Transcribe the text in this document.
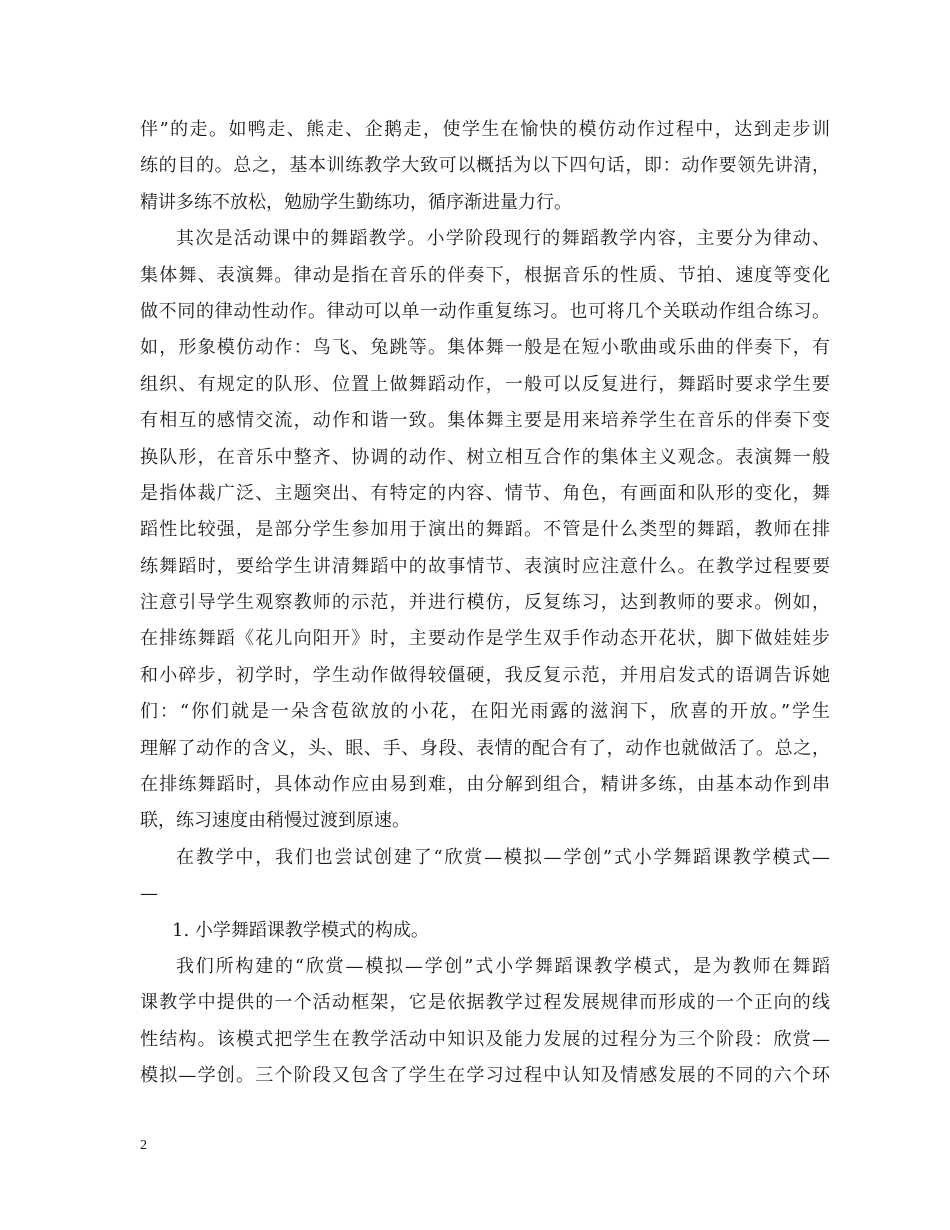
伴”的走。如鸭走、熊走、企鹅走，使学生在愉快的模仿动作过程中，达到走步训
练的目的。总之，基本训练教学大致可以概括为以下四句话，即：动作要领先讲清，
精讲多练不放松，勉励学生勤练功，循序渐进量力行。
其次是活动课中的舞蹈教学。小学阶段现行的舞蹈教学内容，主要分为律动、
集体舞、表演舞。律动是指在音乐的伴奏下，根据音乐的性质、节拍、速度等变化
做不同的律动性动作。律动可以单一动作重复练习。也可将几个关联动作组合练习。
如，形象模仿动作：鸟飞、兔跳等。集体舞一般是在短小歌曲或乐曲的伴奏下，有
组织、有规定的队形、位置上做舞蹈动作，一般可以反复进行，舞蹈时要求学生要
有相互的感情交流，动作和谐一致。集体舞主要是用来培养学生在音乐的伴奏下变
换队形，在音乐中整齐、协调的动作、树立相互合作的集体主义观念。表演舞一般
是指体裁广泛、主题突出、有特定的内容、情节、角色，有画面和队形的变化，舞
蹈性比较强，是部分学生参加用于演出的舞蹈。不管是什么类型的舞蹈，教师在排
练舞蹈时，要给学生讲清舞蹈中的故事情节、表演时应注意什么。在教学过程要要
注意引导学生观察教师的示范，并进行模仿，反复练习，达到教师的要求。例如，
在排练舞蹈《花儿向阳开》时，主要动作是学生双手作动态开花状，脚下做娃娃步
和小碎步，初学时，学生动作做得较僵硬，我反复示范，并用启发式的语调告诉她
们：“你们就是一朵含苞欲放的小花，在阳光雨露的滋润下，欣喜的开放。”学生
理解了动作的含义，头、眼、手、身段、表情的配合有了，动作也就做活了。总之，
在排练舞蹈时，具体动作应由易到难，由分解到组合，精讲多练，由基本动作到串
联，练习速度由稍慢过渡到原速。
在教学中，我们也尝试创建了“欣赏—模拟—学创”式小学舞蹈课教学模式—
—
1. 小学舞蹈课教学模式的构成。
我们所构建的“欣赏—模拟—学创”式小学舞蹈课教学模式，是为教师在舞蹈
课教学中提供的一个活动框架，它是依据教学过程发展规律而形成的一个正向的线
性结构。该模式把学生在教学活动中知识及能力发展的过程分为三个阶段：欣赏—
模拟—学创。三个阶段又包含了学生在学习过程中认知及情感发展的不同的六个环
2
